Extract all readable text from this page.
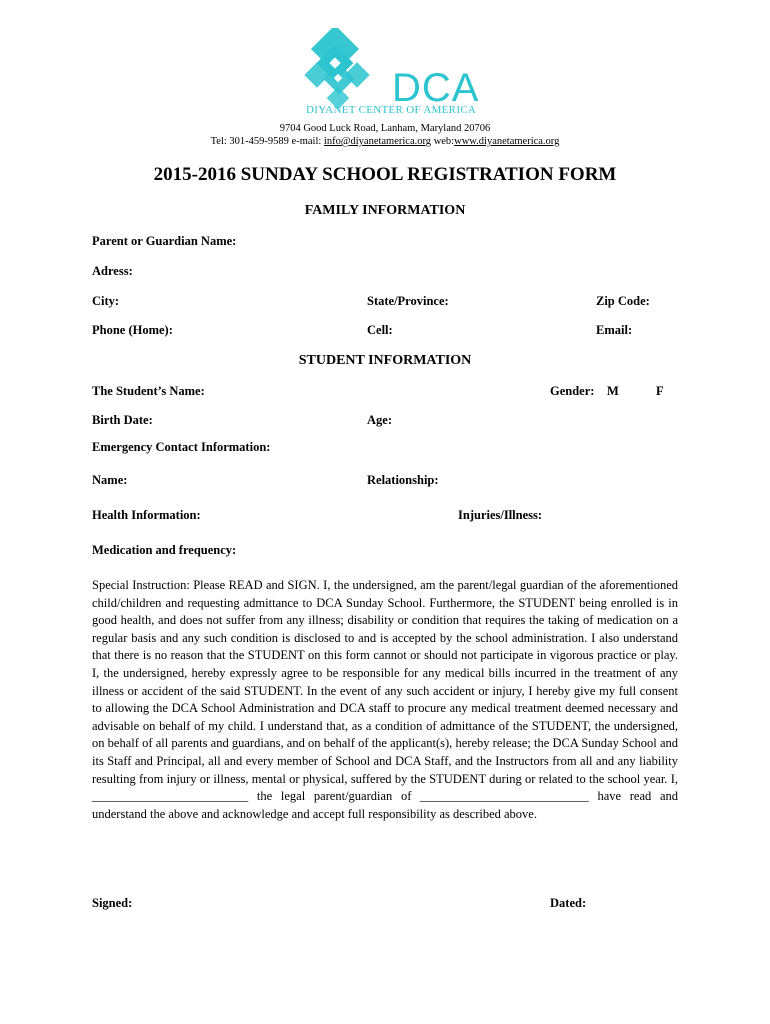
DCA
DIYANET CENTER OF AMERICA
9704 Good Luck Road, Lanham, Maryland 20706
Tel: 301-459-9589 e-mail: info@diyanetamerica.org web:www.diyanetamerica.org
2015-2016 SUNDAY SCHOOL REGISTRATION FORM
FAMILY INFORMATION
Parent or Guardian Name:
Adress:
City:	State/Province:	Zip Code:
Phone (Home):	Cell:	Email:
STUDENT INFORMATION
The Student’s Name:	Gender: M	F
Birth Date:	Age:
Emergency Contact Information:
Name:	Relationship:
Health Information:	Injuries/Illness:
Medication and frequency:
Special Instruction: Please READ and SIGN. I, the undersigned, am the parent/legal guardian of the aforementioned child/children and requesting admittance to DCA Sunday School. Furthermore, the STUDENT being enrolled is in good health, and does not suffer from any illness; disability or condition that requires the taking of medication on a regular basis and any such condition is disclosed to and is accepted by the school administration. I also understand that there is no reason that the STUDENT on this form cannot or should not participate in vigorous practice or play. I, the undersigned, hereby expressly agree to be responsible for any medical bills incurred in the treatment of any illness or accident of the said STUDENT. In the event of any such accident or injury, I hereby give my full consent to allowing the DCA School Administration and DCA staff to procure any medical treatment deemed necessary and advisable on behalf of my child. I understand that, as a condition of admittance of the STUDENT, the undersigned, on behalf of all parents and guardians, and on behalf of the applicant(s), hereby release; the DCA Sunday School and its Staff and Principal, all and every member of School and DCA Staff, and the Instructors from all and any liability resulting from injury or illness, mental or physical, suffered by the STUDENT during or related to the school year. I, _________________________ the legal parent/guardian of ___________________________ have read and understand the above and acknowledge and accept full responsibility as described above.
Signed:	Dated:
